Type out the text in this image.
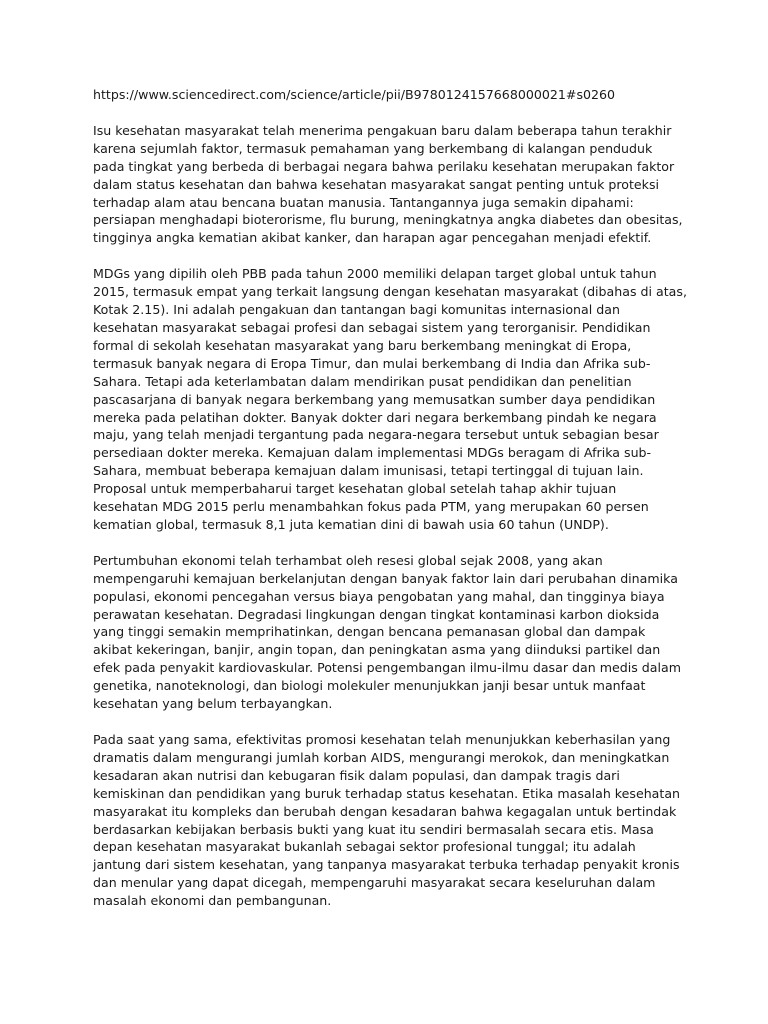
https://www.sciencedirect.com/science/article/pii/B9780124157668000021#s0260
Isu kesehatan masyarakat telah menerima pengakuan baru dalam beberapa tahun terakhir
karena sejumlah faktor, termasuk pemahaman yang berkembang di kalangan penduduk
pada tingkat yang berbeda di berbagai negara bahwa perilaku kesehatan merupakan faktor
dalam status kesehatan dan bahwa kesehatan masyarakat sangat penting untuk proteksi
terhadap alam atau bencana buatan manusia. Tantangannya juga semakin dipahami:
persiapan menghadapi bioterorisme, flu burung, meningkatnya angka diabetes dan obesitas,
tingginya angka kematian akibat kanker, dan harapan agar pencegahan menjadi efektif.
MDGs yang dipilih oleh PBB pada tahun 2000 memiliki delapan target global untuk tahun
2015, termasuk empat yang terkait langsung dengan kesehatan masyarakat (dibahas di atas,
Kotak 2.15). Ini adalah pengakuan dan tantangan bagi komunitas internasional dan
kesehatan masyarakat sebagai profesi dan sebagai sistem yang terorganisir. Pendidikan
formal di sekolah kesehatan masyarakat yang baru berkembang meningkat di Eropa,
termasuk banyak negara di Eropa Timur, dan mulai berkembang di India dan Afrika sub-
Sahara. Tetapi ada keterlambatan dalam mendirikan pusat pendidikan dan penelitian
pascasarjana di banyak negara berkembang yang memusatkan sumber daya pendidikan
mereka pada pelatihan dokter. Banyak dokter dari negara berkembang pindah ke negara
maju, yang telah menjadi tergantung pada negara-negara tersebut untuk sebagian besar
persediaan dokter mereka. Kemajuan dalam implementasi MDGs beragam di Afrika sub-
Sahara, membuat beberapa kemajuan dalam imunisasi, tetapi tertinggal di tujuan lain.
Proposal untuk memperbaharui target kesehatan global setelah tahap akhir tujuan
kesehatan MDG 2015 perlu menambahkan fokus pada PTM, yang merupakan 60 persen
kematian global, termasuk 8,1 juta kematian dini di bawah usia 60 tahun (UNDP).
Pertumbuhan ekonomi telah terhambat oleh resesi global sejak 2008, yang akan
mempengaruhi kemajuan berkelanjutan dengan banyak faktor lain dari perubahan dinamika
populasi, ekonomi pencegahan versus biaya pengobatan yang mahal, dan tingginya biaya
perawatan kesehatan. Degradasi lingkungan dengan tingkat kontaminasi karbon dioksida
yang tinggi semakin memprihatinkan, dengan bencana pemanasan global dan dampak
akibat kekeringan, banjir, angin topan, dan peningkatan asma yang diinduksi partikel dan
efek pada penyakit kardiovaskular. Potensi pengembangan ilmu-ilmu dasar dan medis dalam
genetika, nanoteknologi, dan biologi molekuler menunjukkan janji besar untuk manfaat
kesehatan yang belum terbayangkan.
Pada saat yang sama, efektivitas promosi kesehatan telah menunjukkan keberhasilan yang
dramatis dalam mengurangi jumlah korban AIDS, mengurangi merokok, dan meningkatkan
kesadaran akan nutrisi dan kebugaran fisik dalam populasi, dan dampak tragis dari
kemiskinan dan pendidikan yang buruk terhadap status kesehatan. Etika masalah kesehatan
masyarakat itu kompleks dan berubah dengan kesadaran bahwa kegagalan untuk bertindak
berdasarkan kebijakan berbasis bukti yang kuat itu sendiri bermasalah secara etis. Masa
depan kesehatan masyarakat bukanlah sebagai sektor profesional tunggal; itu adalah
jantung dari sistem kesehatan, yang tanpanya masyarakat terbuka terhadap penyakit kronis
dan menular yang dapat dicegah, mempengaruhi masyarakat secara keseluruhan dalam
masalah ekonomi dan pembangunan.
